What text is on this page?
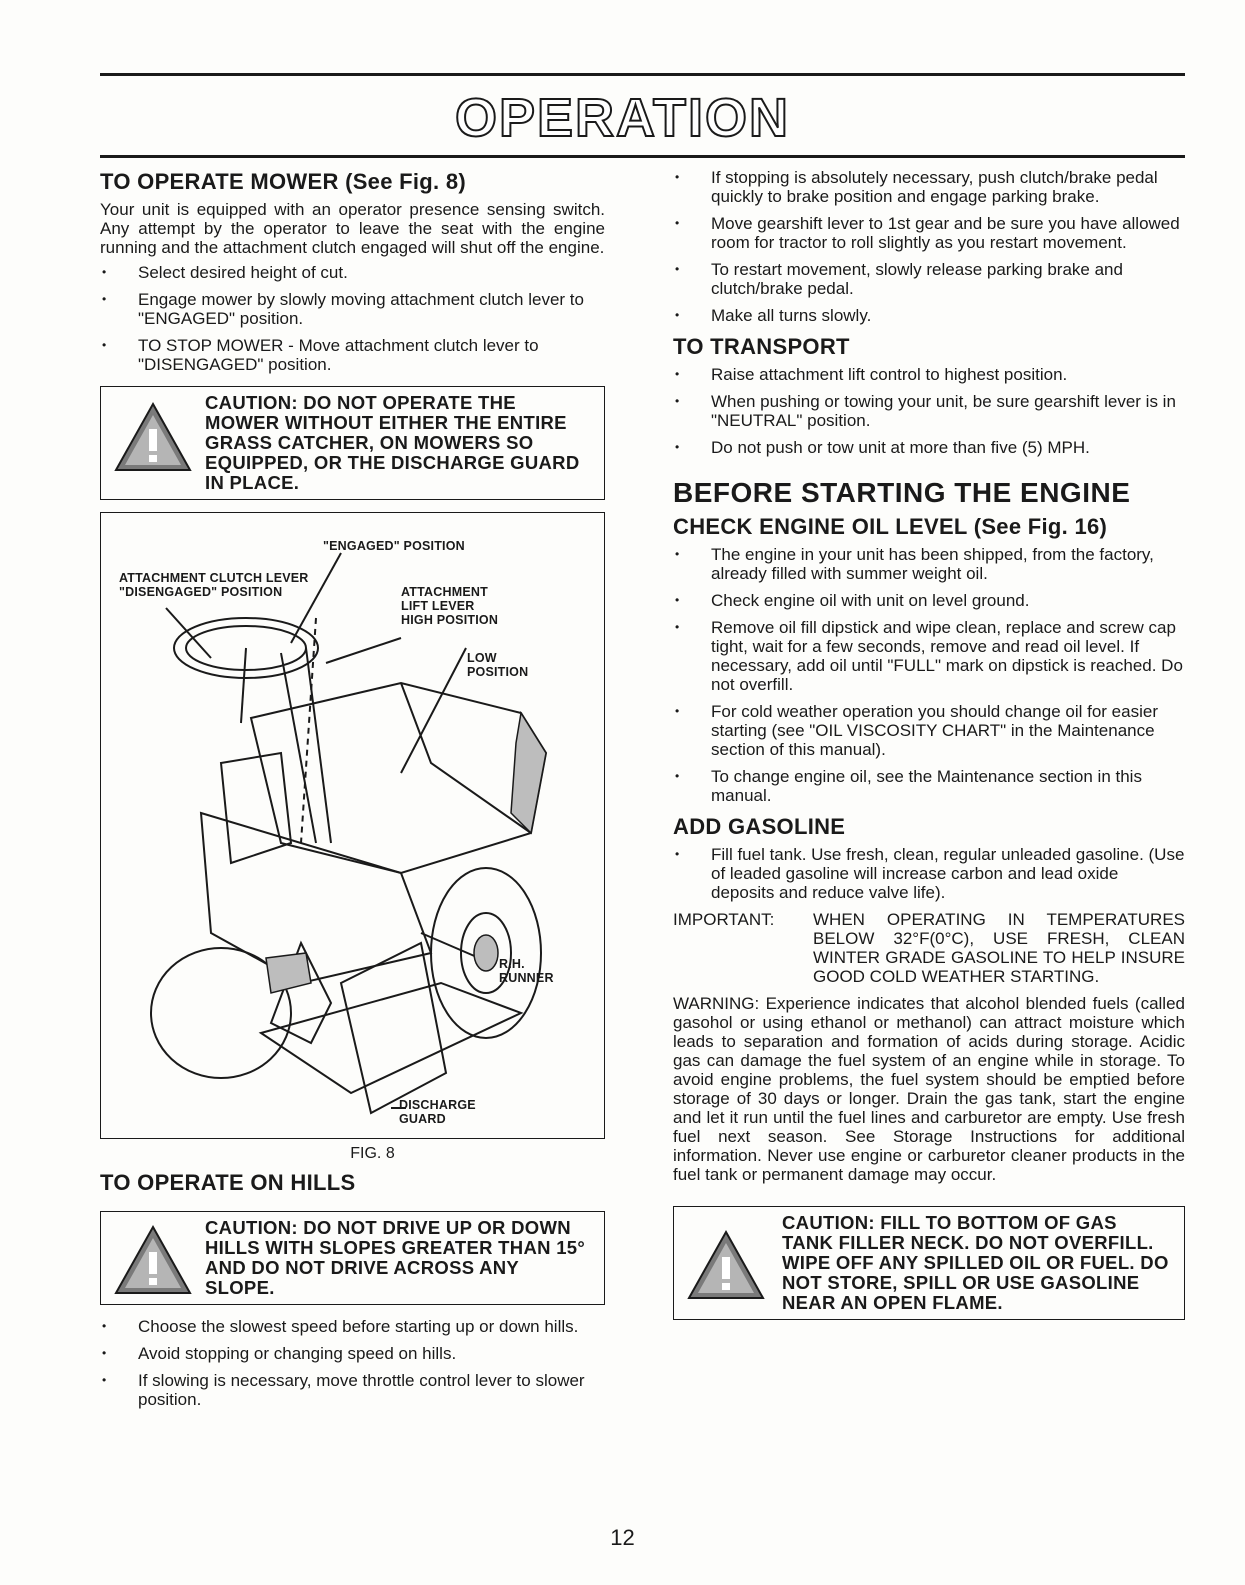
OPERATION
TO OPERATE MOWER (See Fig. 8)

Your unit is equipped with an operator presence sensing switch. Any attempt by the operator to leave the seat with the engine running and the attachment clutch engaged will shut off the engine.

• Select desired height of cut.
• Engage mower by slowly moving attachment clutch lever to "ENGAGED" position.
• TO STOP MOWER - Move attachment clutch lever to "DISENGAGED" position.
CAUTION: DO NOT OPERATE THE MOWER WITHOUT EITHER THE ENTIRE GRASS CATCHER, ON MOWERS SO EQUIPPED, OR THE DISCHARGE GUARD IN PLACE.
"ENGAGED" POSITION
ATTACHMENT CLUTCH LEVER
"DISENGAGED" POSITION	ATTACHMENT
LIFT LEVER
HIGH POSITION
LOW
POSITION
R.H.
RUNNER
DISCHARGE
GUARD
FIG. 8
TO OPERATE ON HILLS
CAUTION: DO NOT DRIVE UP OR DOWN HILLS WITH SLOPES GREATER THAN 15° AND DO NOT DRIVE ACROSS ANY SLOPE.
• Choose the slowest speed before starting up or down hills.
• Avoid stopping or changing speed on hills.
• If slowing is necessary, move throttle control lever to slower position.
• If stopping is absolutely necessary, push clutch/brake pedal quickly to brake position and engage parking brake.
• Move gearshift lever to 1st gear and be sure you have allowed room for tractor to roll slightly as you restart movement.
• To restart movement, slowly release parking brake and clutch/brake pedal.
• Make all turns slowly.
TO TRANSPORT
• Raise attachment lift control to highest position.
• When pushing or towing your unit, be sure gearshift lever is in "NEUTRAL" position.
• Do not push or tow unit at more than five (5) MPH.
BEFORE STARTING THE ENGINE
CHECK ENGINE OIL LEVEL (See Fig. 16)
• The engine in your unit has been shipped, from the factory, already filled with summer weight oil.
• Check engine oil with unit on level ground.
• Remove oil fill dipstick and wipe clean, replace and screw cap tight, wait for a few seconds, remove and read oil level. If necessary, add oil until "FULL" mark on dipstick is reached. Do not overfill.
• For cold weather operation you should change oil for easier starting (see "OIL VISCOSITY CHART" in the Maintenance section of this manual).
• To change engine oil, see the Maintenance section in this manual.
ADD GASOLINE
• Fill fuel tank. Use fresh, clean, regular unleaded gasoline. (Use of leaded gasoline will increase carbon and lead oxide deposits and reduce valve life).
IMPORTANT:	WHEN OPERATING IN TEMPERATURES BELOW 32°F(0°C), USE FRESH, CLEAN WINTER GRADE GASOLINE TO HELP INSURE GOOD COLD WEATHER STARTING.

WARNING: Experience indicates that alcohol blended fuels (called gasohol or using ethanol or methanol) can attract moisture which leads to separation and formation of acids during storage. Acidic gas can damage the fuel system of an engine while in storage. To avoid engine problems, the fuel system should be emptied before storage of 30 days or longer. Drain the gas tank, start the engine and let it run until the fuel lines and carburetor are empty. Use fresh fuel next season. See Storage Instructions for additional information. Never use engine or carburetor cleaner products in the fuel tank or permanent damage may occur.

CAUTION: FILL TO BOTTOM OF GAS TANK FILLER NECK. DO NOT OVERFILL. WIPE OFF ANY SPILLED OIL OR FUEL. DO NOT STORE, SPILL OR USE GASOLINE NEAR AN OPEN FLAME.
12
